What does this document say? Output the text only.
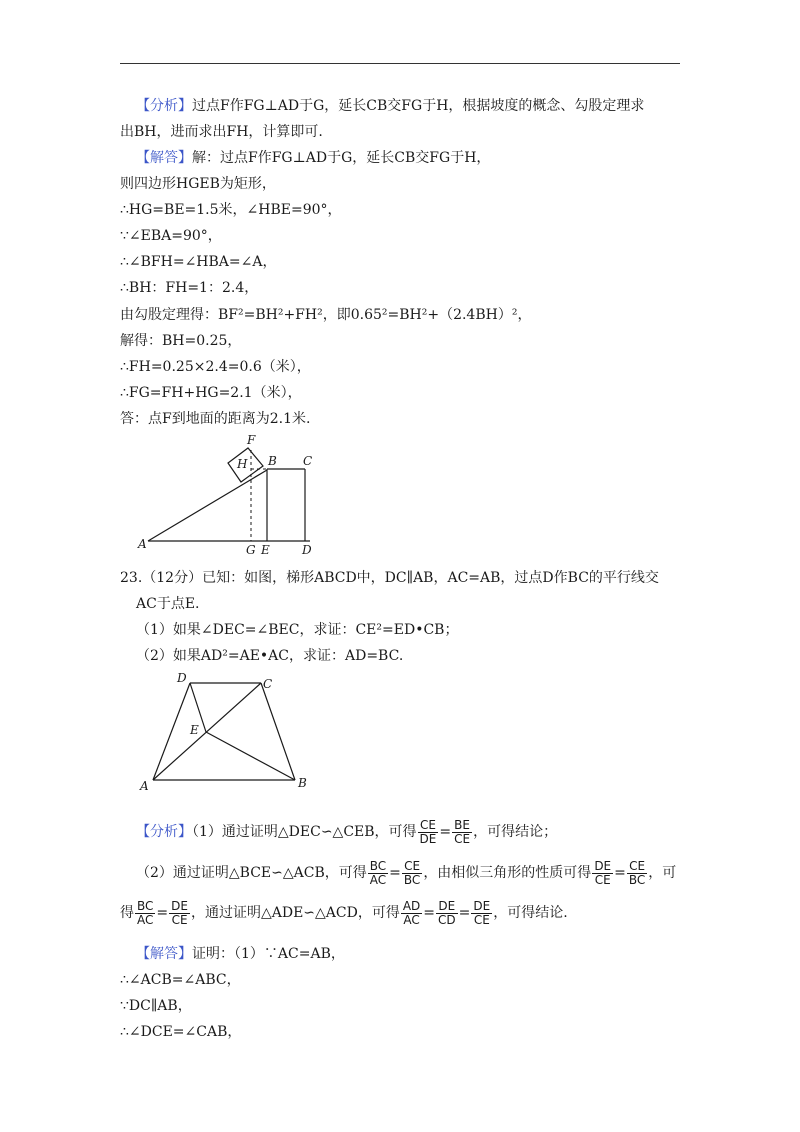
【分析】过点F作FG⊥AD于G，延长CB交FG于H，根据坡度的概念、勾股定理求
出BH，进而求出FH，计算即可.
【解答】解：过点F作FG⊥AD于G，延长CB交FG于H，
则四边形HGEB为矩形，
∴HG=BE=1.5米，∠HBE=90°，
∵∠EBA=90°，
∴∠BFH=∠HBA=∠A，
∴BH：FH=1：2.4，
由勾股定理得：BF²=BH²+FH²，即0.65²=BH²+（2.4BH）²，
解得：BH=0.25，
∴FH=0.25×2.4=0.6（米），
∴FG=FH+HG=2.1（米），
答：点F到地面的距离为2.1米.
F
H B C
A	G E	D
23.（12分）已知：如图，梯形ABCD中，DC∥AB，AC=AB，过点D作BC的平行线交
AC于点E.
（1）如果∠DEC=∠BEC，求证：CE²=ED•CB；
（2）如果AD²=AE•AC，求证：AD=BC.
D	C
E
A	B
【分析】（1）通过证明△DEC∽△CEB，可得 $\frac{CE}{DE} = \frac{BE}{CE}$ ，可得结论；
（2）通过证明△BCE∽△ACB，可得 $\frac{BC}{AC} = \frac{CE}{BC}$ ，由相似三角形的性质可得 $\frac{DE}{CE} = \frac{CE}{BC}$ ，可
得 $\frac{BC}{AC} = \frac{DE}{CE}$ ，通过证明△ADE∽△ACD，可得 $\frac{AD}{AC} = \frac{DE}{CD} = \frac{DE}{CE}$ ，可得结论.
【解答】证明：（1）∵AC=AB，
∴∠ACB=∠ABC，
∵DC∥AB，
∴∠DCE=∠CAB，
